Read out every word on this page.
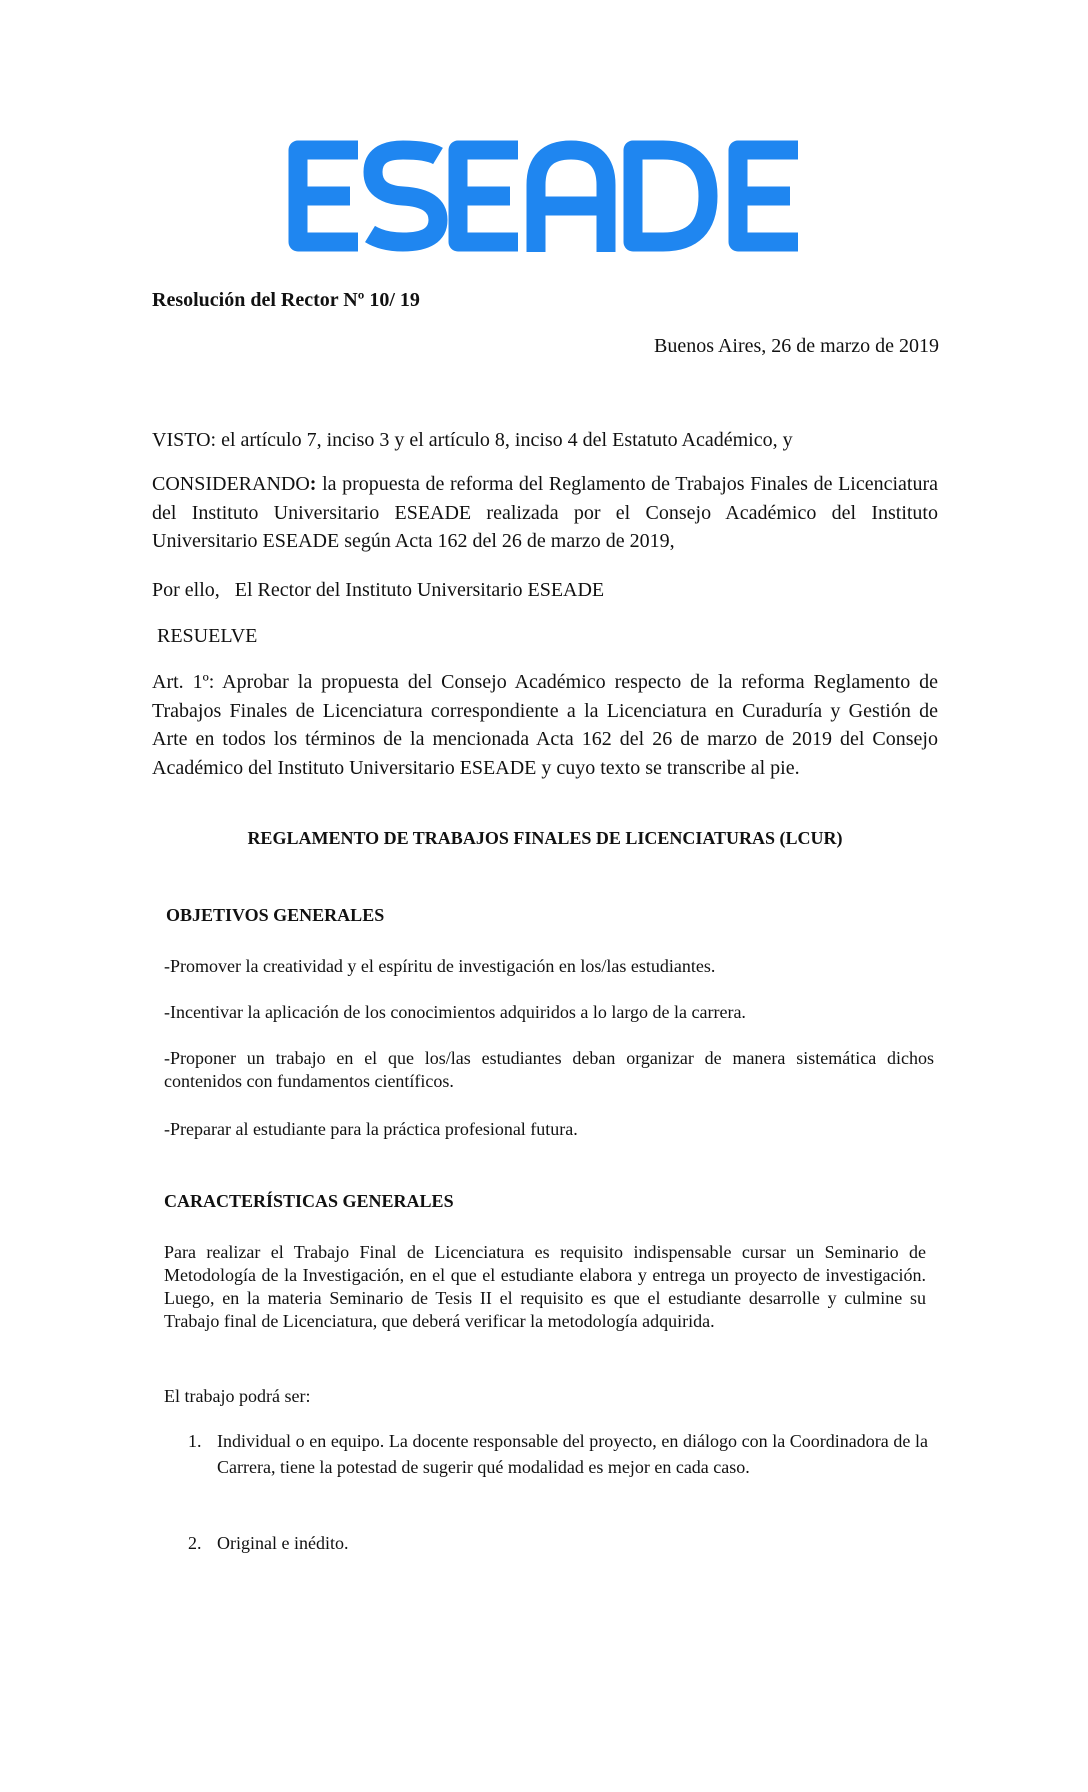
Resolución del Rector Nº 10/ 19
Buenos Aires, 26 de marzo de 2019
VISTO: el artículo 7, inciso 3 y el artículo 8, inciso 4 del Estatuto Académico, y
CONSIDERANDO: la propuesta de reforma del Reglamento de Trabajos Finales de Licenciatura del Instituto Universitario ESEADE realizada por el Consejo Académico del Instituto Universitario ESEADE según Acta 162 del 26 de marzo de 2019,
Por ello,   El Rector del Instituto Universitario ESEADE
RESUELVE
Art. 1º: Aprobar la propuesta del Consejo Académico respecto de la reforma Reglamento de Trabajos Finales de Licenciatura correspondiente a la Licenciatura en Curaduría y Gestión de Arte en todos los términos de la mencionada Acta 162 del 26 de marzo de 2019 del Consejo Académico del Instituto Universitario ESEADE y cuyo texto se transcribe al pie.
REGLAMENTO DE TRABAJOS FINALES DE LICENCIATURAS (LCUR)
OBJETIVOS GENERALES
-Promover la creatividad y el espíritu de investigación en los/las estudiantes.
-Incentivar la aplicación de los conocimientos adquiridos a lo largo de la carrera.
-Proponer un trabajo en el que los/las estudiantes deban organizar de manera sistemática dichos contenidos con fundamentos científicos.
-Preparar al estudiante para la práctica profesional futura.
CARACTERÍSTICAS GENERALES
Para realizar el Trabajo Final de Licenciatura es requisito indispensable cursar un Seminario de Metodología de la Investigación, en el que el estudiante elabora y entrega un proyecto de investigación. Luego, en la materia Seminario de Tesis II el requisito es que el estudiante desarrolle y culmine su Trabajo final de Licenciatura, que deberá verificar la metodología adquirida.
El trabajo podrá ser:
1. Individual o en equipo. La docente responsable del proyecto, en diálogo con la Coordinadora de la Carrera, tiene la potestad de sugerir qué modalidad es mejor en cada caso.
2. Original e inédito.
